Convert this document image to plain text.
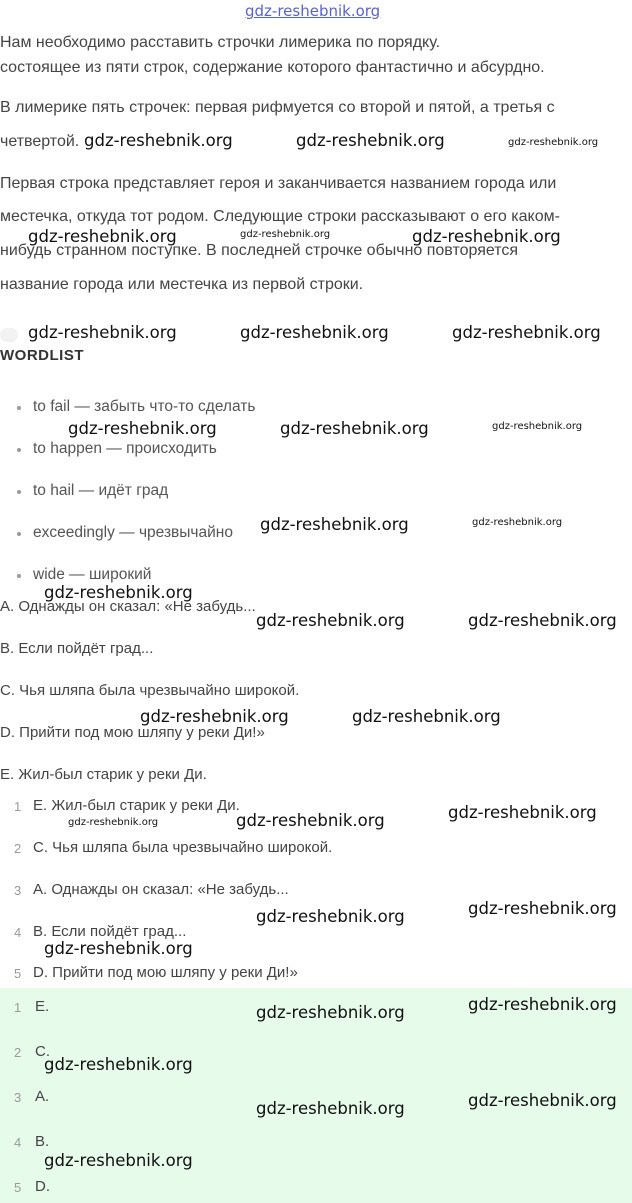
gdz-reshebnik.org
Нам необходимо расставить строчки лимерика по порядку.
состоящее из пяти строк, содержание которого фантастично и абсурдно.
В лимерике пять строчек: первая рифмуется со второй и пятой, а третья с
четвертой.
Первая строка представляет героя и заканчивается названием города или
местечка, откуда тот родом. Следующие строки рассказывают о его каком-
нибудь странном поступке. В последней строчке обычно повторяется
название города или местечка из первой строки.
WORDLIST
to fail — забыть что-то сделать
to happen — происходить
to hail — идёт град
exceedingly — чрезвычайно
wide — широкий
A. Однажды он сказал: «Не забудь...
B. Если пойдёт град...
C. Чья шляпа была чрезвычайно широкой.
D. Прийти под мою шляпу у реки Ди!»
E. Жил-был старик у реки Ди.
1 E. Жил-был старик у реки Ди.
2 C. Чья шляпа была чрезвычайно широкой.
3 A. Однажды он сказал: «Не забудь...
4 B. Если пойдёт град...
5 D. Прийти под мою шляпу у реки Ди!»
1 E.
2 C.
3 A.
4 B.
5 D.
gdz-reshebnik.org	gdz-reshebnik.org	gdz-reshebnik.org
gdz-reshebnik.org	gdz-reshebnik.org	gdz-reshebnik.org
gdz-reshebnik.org	gdz-reshebnik.org	gdz-reshebnik.org
gdz-reshebnik.org	gdz-reshebnik.org	gdz-reshebnik.org
gdz-reshebnik.org	gdz-reshebnik.org
gdz-reshebnik.org
gdz-reshebnik.org	gdz-reshebnik.org
gdz-reshebnik.org	gdz-reshebnik.org
gdz-reshebnik.org	gdz-reshebnik.org	gdz-reshebnik.org
gdz-reshebnik.org	gdz-reshebnik.org
gdz-reshebnik.org
gdz-reshebnik.org	gdz-reshebnik.org
gdz-reshebnik.org
gdz-reshebnik.org	gdz-reshebnik.org
gdz-reshebnik.org
